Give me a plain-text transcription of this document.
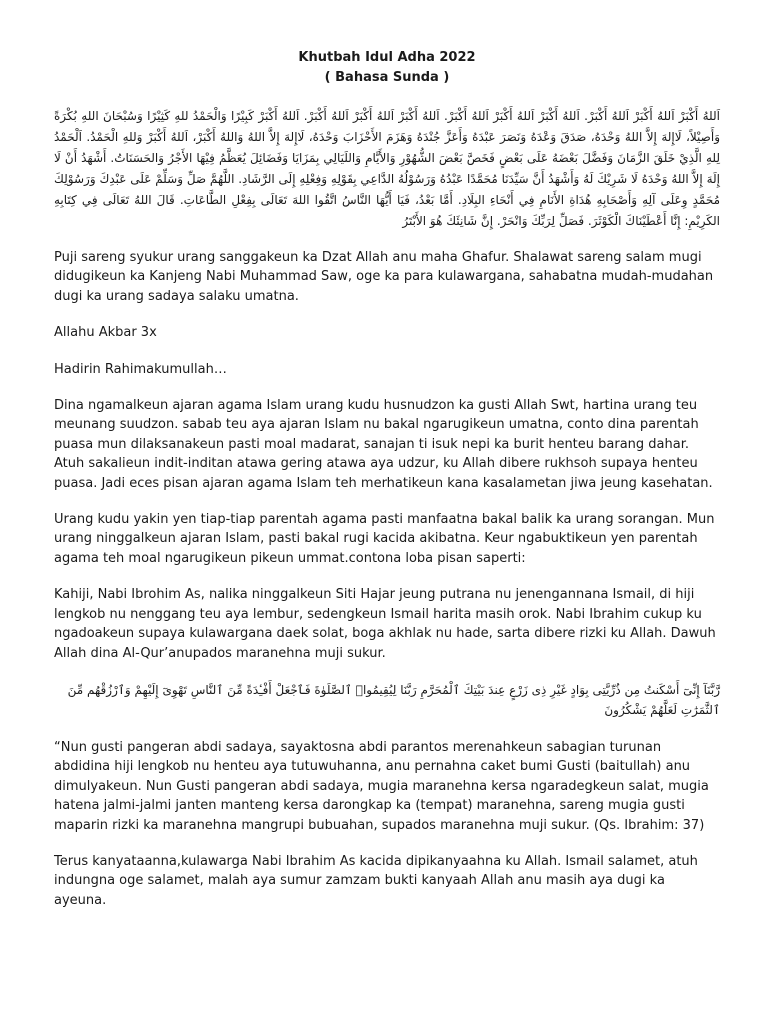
Khutbah Idul Adha 2022

( Bahasa Sunda )

اَللهُ أَكْبَرْ اَللهُ أَكْبَرْ اَللهُ أَكْبَرْ. اَللهُ أَكْبَرْ اَللهُ أَكْبَرْ اَللهُ أَكْبَرْ. اَللهُ أَكْبَرْ اَللهُ أَكْبَرْ اَللهُ أَكْبَرْ. اَللهُ أَكْبَرْ كَبِيْرًا وَالْحَمْدُ للهِ كَثِيْرًا وَسُبْحَانَ اللهِ بُكْرَةً وَأَصِيْلاً، لَاإِلهَ إِلاَّ اللهُ وَحْدَهُ، صَدَقَ وَعْدَهُ وَنَصَرَ عَبْدَهُ وَأَعَزَّ جُنْدَهُ وَهَزَمَ الأَحْزَابَ وَحْدَهُ، لَاإِلهَ إِلاَّ اللهُ وَاللهُ أَكْبَرْ، اَللهُ أَكْبَرْ وَللهِ الْحَمْدُ. اَلْحَمْدُ لِلهِ الَّذِيْ خَلَقَ الزَّمَانَ وَفَضَّلَ بَعْضَهُ عَلَى بَعْضٍ فَخَصَّ بَعْضَ الشُّهُوْرِ وَالأَيَّامِ وَاللَيَالِي بِمَزَايَا وَفَضَائِلَ يُعَظَّمُ فِيْهَا الأَجْرُ وَالحَسَنَاتُ. أَشْهَدُ أَنْ لَا إِلَهَ إِلاَّ اللهُ وَحْدَهُ لَا شَرِيْكَ لَهُ وَأَشْهَدُ أَنَّ سَيِّدَنَا مُحَمَّدًا عَبْدُهُ وَرَسُوْلُهُ الدَّاعِي بِقَوْلِهِ وَفِعْلِهِ إِلَى الرَّشَادِ. اللَّهُمَّ صَلِّ وَسَلِّمْ عَلَى عَبْدِكَ وَرَسُوْلِكَ مُحَمَّدٍ وِعَلَى آلِهِ وَأَصْحَابِهِ هُدَاةِ الأَنَامِ فِي أَنْحَاءِ البِلَادِ. أَمَّا بَعْدُ، فَيَا أَيُّهَا النَّاسُ اتَّقُوا اللهَ تَعَالَى بِفِعْلِ الطَّاعَاتِ. قَالَ اللهُ تَعَالَى فِي كِتَابِهِ الكَرِيْمِ: إِنَّا أَعْطَيْنَاكَ الْكَوْثَرَ. فَصَلِّ لِرَبِّكَ وَانْحَرْ. إِنَّ شَانِئَكَ هُوَ الأَبْتَرُ

Puji sareng syukur urang sanggakeun ka Dzat Allah anu maha Ghafur. Shalawat sareng salam mugi didugikeun ka Kanjeng Nabi Muhammad Saw, oge ka para kulawargana, sahabatna mudah-mudahan dugi ka urang sadaya salaku umatna.

Allahu Akbar 3x

Hadirin Rahimakumullah…

Dina ngamalkeun ajaran agama Islam urang kudu husnudzon ka gusti Allah Swt, hartina urang teu meunang suudzon. sabab teu aya ajaran Islam nu bakal ngarugikeun umatna, conto dina parentah puasa mun dilaksanakeun pasti moal madarat, sanajan ti isuk nepi ka burit henteu barang dahar. Atuh sakalieun indit-inditan atawa gering atawa aya udzur, ku Allah dibere rukhsoh supaya henteu puasa. Jadi eces pisan ajaran agama Islam teh merhatikeun kana kasalametan jiwa jeung kasehatan.

Urang kudu yakin yen tiap-tiap parentah agama pasti manfaatna bakal balik ka urang sorangan. Mun urang ninggalkeun ajaran Islam, pasti bakal rugi kacida akibatna. Keur ngabuktikeun yen parentah agama teh moal ngarugikeun pikeun ummat.contona loba pisan saperti:

Kahiji, Nabi Ibrohim As, nalika ninggalkeun Siti Hajar jeung putrana nu jenengannana Ismail, di hiji lengkob nu nenggang teu aya lembur, sedengkeun Ismail harita masih orok. Nabi Ibrahim cukup ku ngadoakeun supaya kulawargana daek solat, boga akhlak nu hade, sarta dibere rizki ku Allah. Dawuh Allah dina Al-Qur’anupados maranehna muji sukur.

رَّبَّنَآ إِنِّىٓ أَسْكَنتُ مِن ذُرِّيَّتِى بِوَادٍ غَيْرِ ذِى زَرْعٍ عِندَ بَيْتِكَ ٱلْمُحَرَّمِ رَبَّنَا لِيُقِيمُوا۟ ٱلصَّلَوٰةَ فَٱجْعَلْ أَفْـِٔدَةً مِّنَ ٱلنَّاسِ تَهْوِىٓ إِلَيْهِمْ وَٱرْزُقْهُم مِّنَ ٱلثَّمَرَٰتِ لَعَلَّهُمْ يَشْكُرُونَ

“Nun gusti pangeran abdi sadaya, sayaktosna abdi parantos merenahkeun sabagian turunan abdidina hiji lengkob nu henteu aya tutuwuhanna, anu pernahna caket bumi Gusti (baitullah) anu dimulyakeun. Nun Gusti pangeran abdi sadaya, mugia maranehna kersa ngaradegkeun salat, mugia hatena jalmi-jalmi janten manteng kersa darongkap ka (tempat) maranehna, sareng mugia gusti maparin rizki ka maranehna mangrupi bubuahan, supados maranehna muji sukur. (Qs. Ibrahim: 37)

Terus kanyataanna,kulawarga Nabi Ibrahim As kacida dipikanyaahna ku Allah. Ismail salamet, atuh indungna oge salamet, malah aya sumur zamzam bukti kanyaah Allah anu masih aya dugi ka ayeuna.
